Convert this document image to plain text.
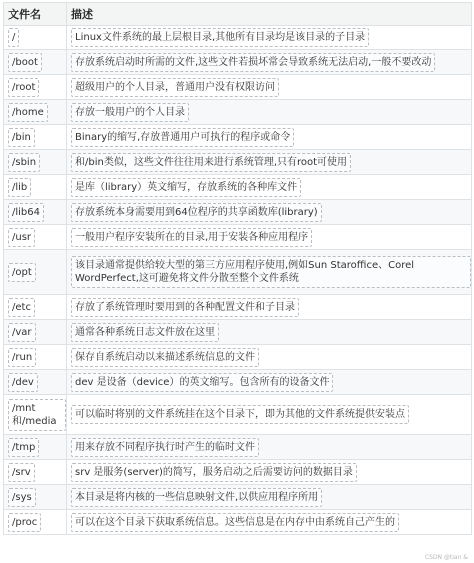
文件名	描述
/	Linux文件系统的最上层根目录,其他所有目录均是该目录的子目录
/boot	存放系统启动时所需的文件,这些文件若损坏常会导致系统无法启动,一般不要改动
/root	超级用户的个人目录，普通用户没有权限访问
/home	存放一般用户的个人目录
/bin	Binary的缩写,存放普通用户可执行的程序或命令
/sbin	和/bin类似，这些文件往往用来进行系统管理,只有root可使用
/lib	是库（library）英文缩写，存放系统的各种库文件
/lib64	存放系统本身需要用到64位程序的共享函数库(library)
/usr	一般用户程序安装所在的目录,用于安装各种应用程序
/opt	该目录通常提供给较大型的第三方应用程序使用,例如Sun Staroffice、Corel WordPerfect,这可避免将文件分散至整个文件系统
/etc	存放了系统管理时要用到的各种配置文件和子目录
/var	通常各种系统日志文件放在这里
/run	保存自系统启动以来描述系统信息的文件
/dev	dev 是设备（device）的英文缩写。包含所有的设备文件
/mnt 和/media	可以临时将别的文件系统挂在这个目录下，即为其他的文件系统提供安装点
/tmp	用来存放不同程序执行时产生的临时文件
/srv	srv 是服务(server)的简写，服务启动之后需要访问的数据目录
/sys	本目录是将内核的一些信息映射文件,以供应用程序所用
/proc	可以在这个目录下获取系统信息。这些信息是在内存中由系统自己产生的
CSDN @tian &
